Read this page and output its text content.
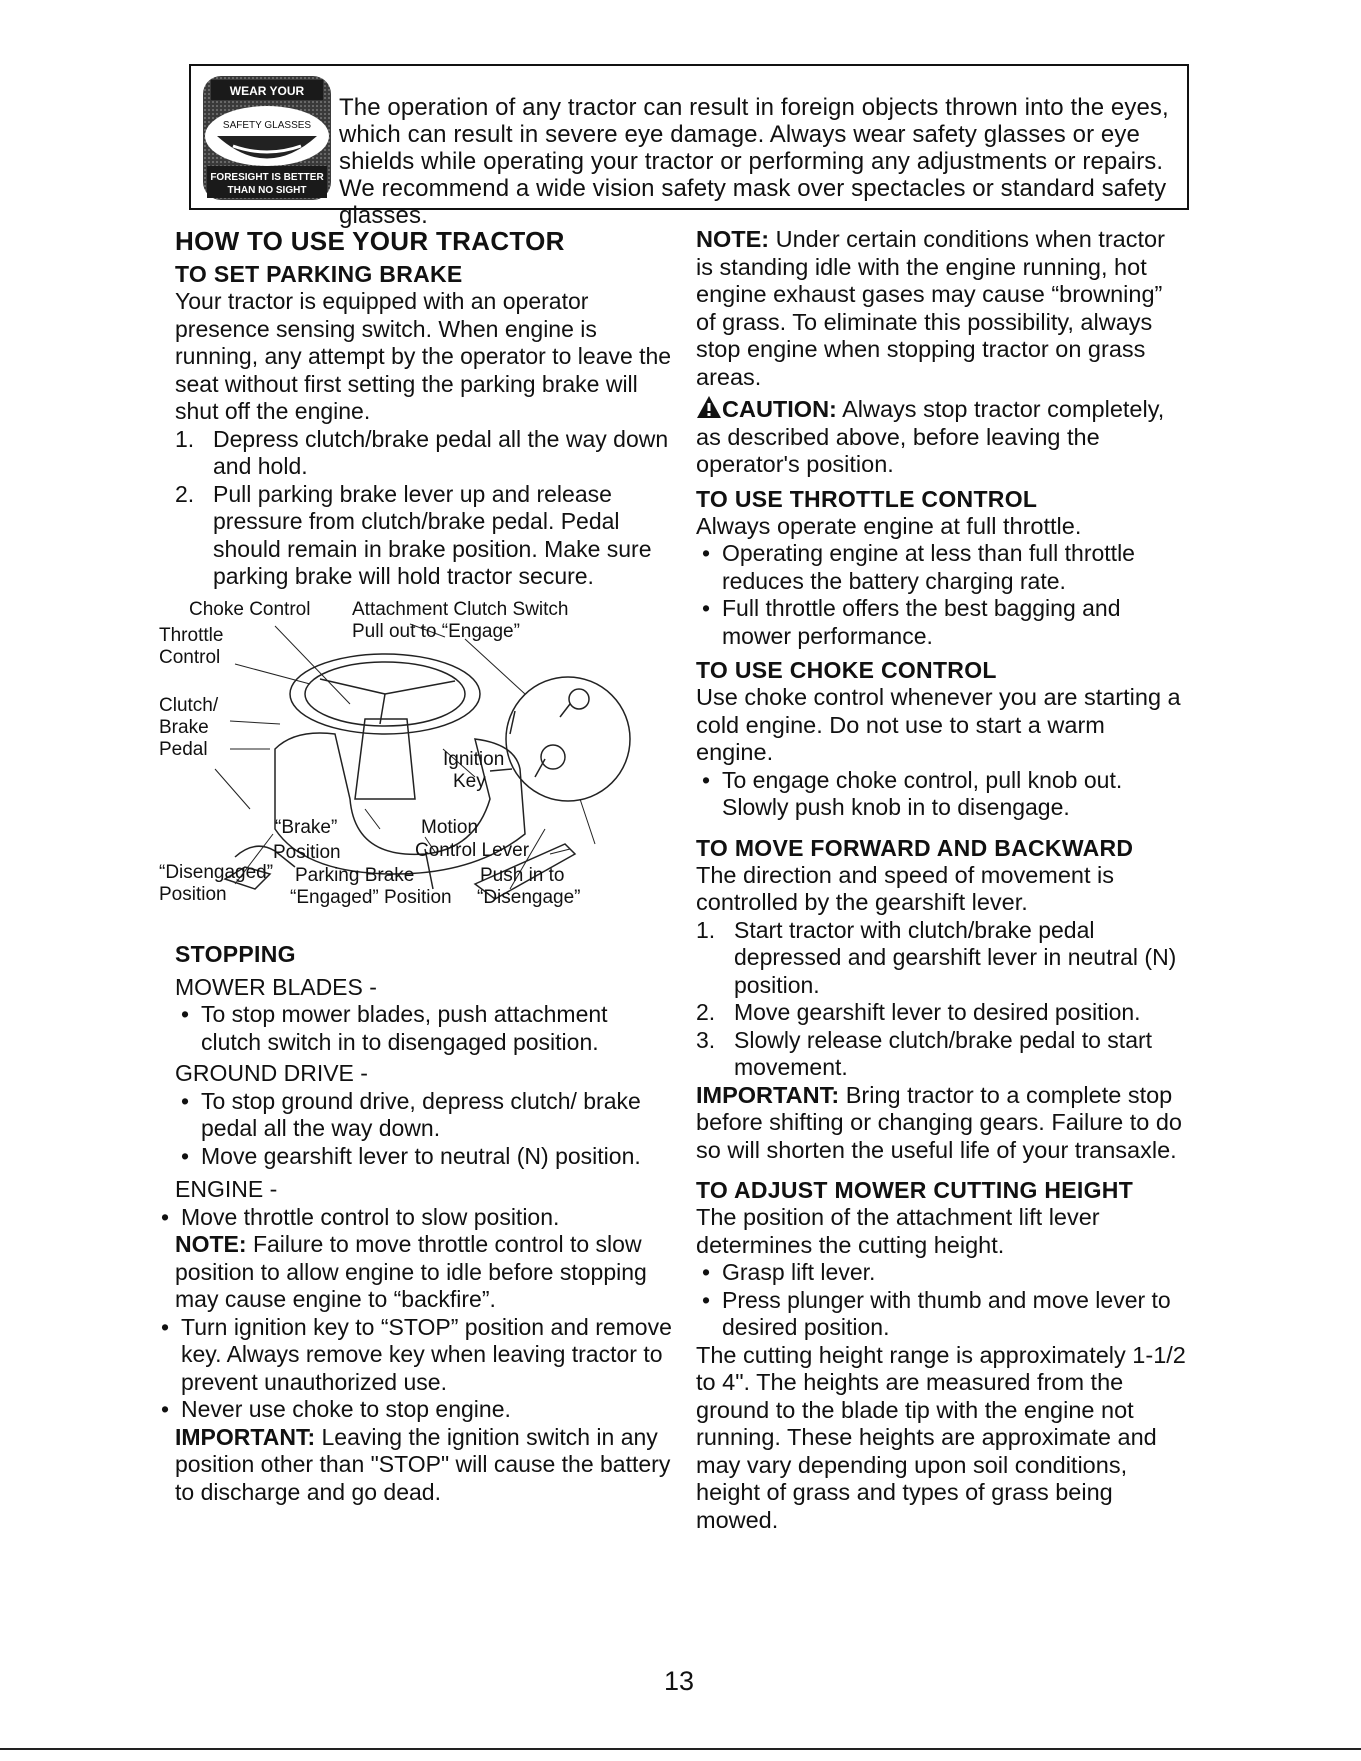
WEAR YOUR
SAFETY GLASSES
FORESIGHT IS BETTER
THAN NO SIGHT

The operation of any tractor can result in foreign objects thrown into the eyes, which can result in severe eye damage. Always wear safety glasses or eye shields while operating your tractor or performing any adjustments or repairs. We recommend a wide vision safety mask over spectacles or standard safety glasses.

HOW TO USE YOUR TRACTOR
TO SET PARKING BRAKE

Your tractor is equipped with an operator presence sensing switch. When engine is running, any attempt by the operator to leave the seat without first setting the parking brake will shut off the engine.

1. Depress clutch/brake pedal all the way down and hold.
2. Pull parking brake lever up and release pressure from clutch/brake pedal. Pedal should remain in brake position. Make sure parking brake will hold tractor secure.
Choke Control Attachment Clutch Switch
Pull out to “Engage”
Throttle
Control
Clutch/
Brake
Pedal	Ignition
Key
“Brake”
Position
Motion
Control Lever
“Disengaged”
Position
Parking Brake
“Engaged” Position
Push in to
“Disengage”
STOPPING

MOWER BLADES -

• To stop mower blades, push attachment clutch switch in to disengaged position.

GROUND DRIVE -

• To stop ground drive, depress clutch/ brake pedal all the way down.
• Move gearshift lever to neutral (N) position.

ENGINE -

• Move throttle control to slow position.

NOTE: Failure to move throttle control to slow position to allow engine to idle before stopping may cause engine to “backfire”.

• Turn ignition key to “STOP” position and remove key. Always remove key when leaving tractor to prevent unauthorized use.
• Never use choke to stop engine.

IMPORTANT: Leaving the ignition switch in any position other than "STOP" will cause the battery to discharge and go dead.

NOTE: Under certain conditions when tractor is standing idle with the engine running, hot engine exhaust gases may cause “browning” of grass. To eliminate this possibility, always stop engine when stopping tractor on grass areas.

CAUTION: Always stop tractor completely, as described above, before leaving the operator's position.

TO USE THROTTLE CONTROL

Always operate engine at full throttle.

• Operating engine at less than full throttle reduces the battery charging rate.
• Full throttle offers the best bagging and mower performance.
TO USE CHOKE CONTROL

Use choke control whenever you are starting a cold engine. Do not use to start a warm engine.

• To engage choke control, pull knob out. Slowly push knob in to disengage.
TO MOVE FORWARD AND BACKWARD

The direction and speed of movement is controlled by the gearshift lever.

1. Start tractor with clutch/brake pedal depressed and gearshift lever in neutral (N) position.
2. Move gearshift lever to desired position.
3. Slowly release clutch/brake pedal to start movement.

IMPORTANT: Bring tractor to a complete stop before shifting or changing gears. Failure to do so will shorten the useful life of your transaxle.

TO ADJUST MOWER CUTTING HEIGHT

The position of the attachment lift lever determines the cutting height.

• Grasp lift lever.
• Press plunger with thumb and move lever to desired position.

The cutting height range is approximately 1-1/2 to 4". The heights are measured from the ground to the blade tip with the engine not running. These heights are approximate and may vary depending upon soil conditions, height of grass and types of grass being mowed.

13
